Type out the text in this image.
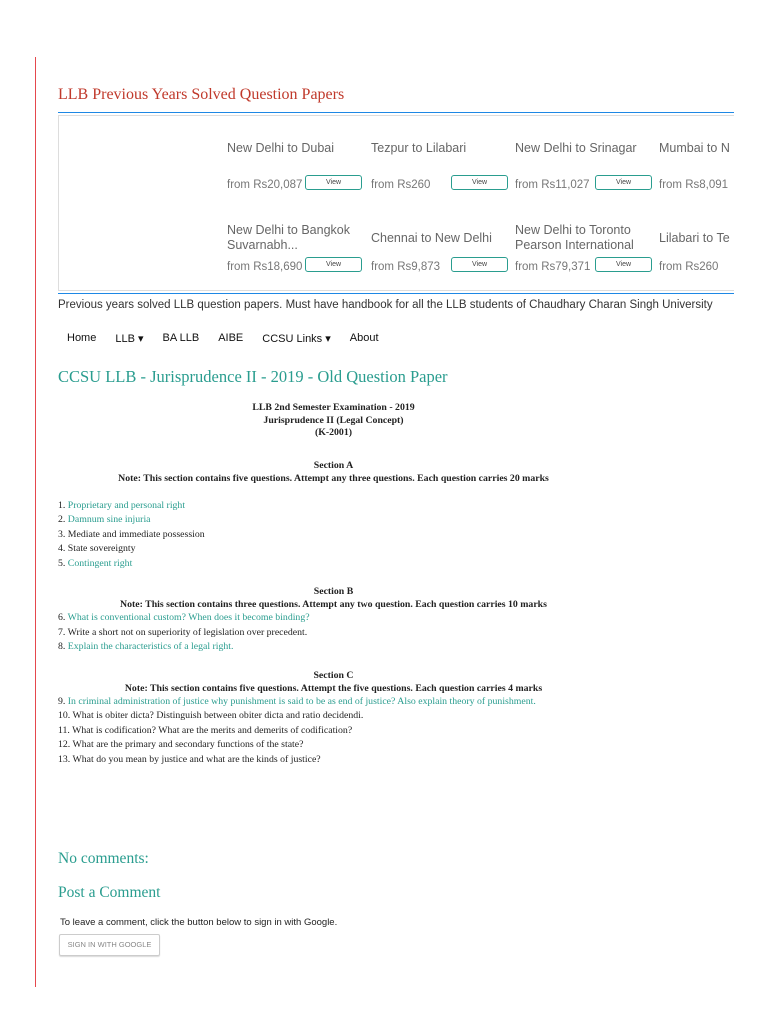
LLB Previous Years Solved Question Papers
New Delhi to Dubai
from Rs20,087	View
Tezpur to Lilabari
from Rs260	View
New Delhi to Srinagar
from Rs11,027	View
Mumbai to N
from Rs8,091
New Delhi to Bangkok Suvarnabh...
from Rs18,690	View
Chennai to New Delhi
from Rs9,873	View
New Delhi to Toronto Pearson International
from Rs79,371	View
Lilabari to Te
from Rs260
Previous years solved LLB question papers. Must have handbook for all the LLB students of Chaudhary Charan Singh University
Home LLB ▾ BA LLB AIBE CCSU Links ▾ About
CCSU LLB - Jurisprudence II - 2019 - Old Question Paper
LLB 2nd Semester Examination - 2019
Jurisprudence II (Legal Concept)
(K-2001)
Section A
Note: This section contains five questions. Attempt any three questions. Each question carries 20 marks
1. Proprietary and personal right
2. Damnum sine injuria
3. Mediate and immediate possession
4. State sovereignty
5. Contingent right
Section B
Note: This section contains three questions. Attempt any two question. Each question carries 10 marks
6. What is conventional custom? When does it become binding?
7. Write a short not on superiority of legislation over precedent.
8. Explain the characteristics of a legal right.
Section C
Note: This section contains five questions. Attempt the five questions. Each question carries 4 marks
9. In criminal administration of justice why punishment is said to be as end of justice? Also explain theory of punishment.
10. What is obiter dicta? Distinguish between obiter dicta and ratio decidendi.
11. What is codification? What are the merits and demerits of codification?
12. What are the primary and secondary functions of the state?
13. What do you mean by justice and what are the kinds of justice?
No comments:
Post a Comment
To leave a comment, click the button below to sign in with Google.
SIGN IN WITH GOOGLE
